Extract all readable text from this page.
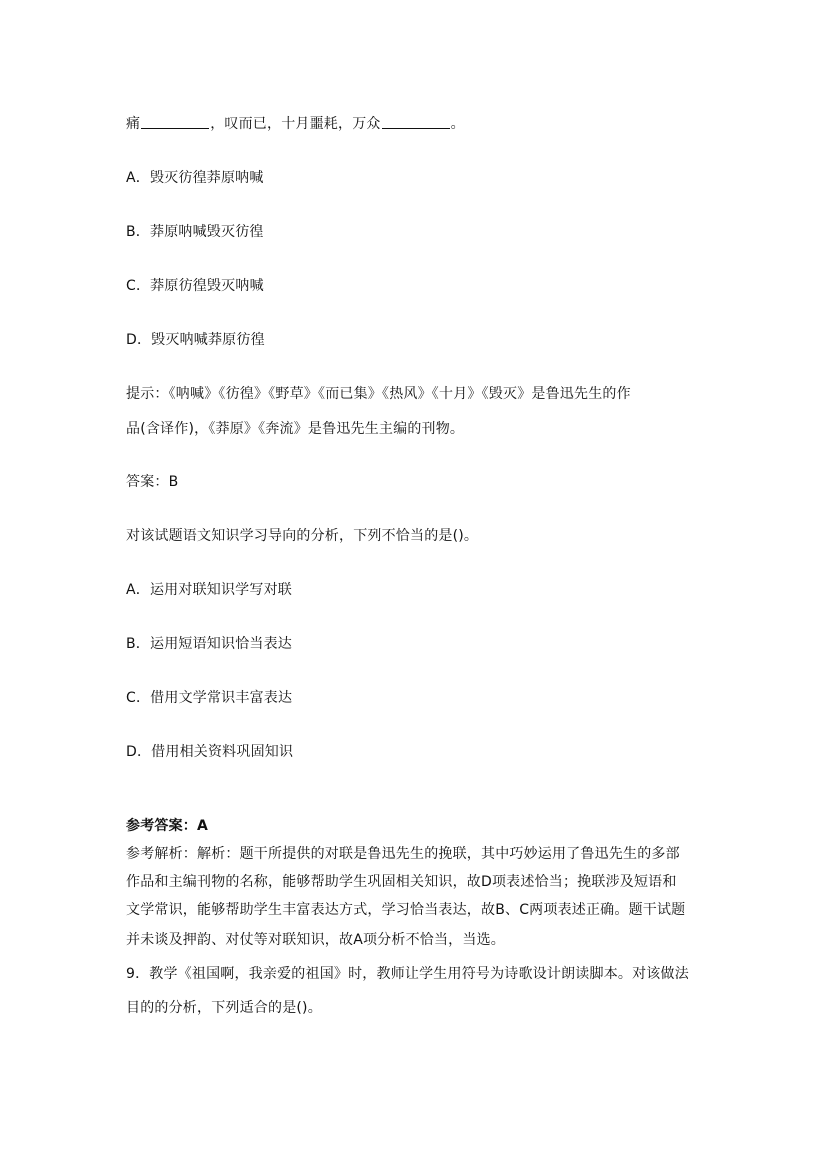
痛	，叹而已，十月噩耗，万众	。
A．毁灭彷徨莽原呐喊
B．莽原呐喊毁灭彷徨
C．莽原彷徨毁灭呐喊
D．毁灭呐喊莽原彷徨
提示：《呐喊》《彷徨》《野草》《而已集》《热风》《十月》《毁灭》是鲁迅先生的作
品(含译作)，《莽原》《奔流》是鲁迅先生主编的刊物。
答案：B
对该试题语文知识学习导向的分析，下列不恰当的是()。
A．运用对联知识学写对联
B．运用短语知识恰当表达
C．借用文学常识丰富表达
D．借用相关资料巩固知识
参考答案：A
参考解析：解析：题干所提供的对联是鲁迅先生的挽联，其中巧妙运用了鲁迅先生的多部
作品和主编刊物的名称，能够帮助学生巩固相关知识，故D项表述恰当；挽联涉及短语和
文学常识，能够帮助学生丰富表达方式，学习恰当表达，故B、C两项表述正确。题干试题
并未谈及押韵、对仗等对联知识，故A项分析不恰当，当选。
9．教学《祖国啊，我亲爱的祖国》时，教师让学生用符号为诗歌设计朗读脚本。对该做法
目的的分析，下列适合的是()。
